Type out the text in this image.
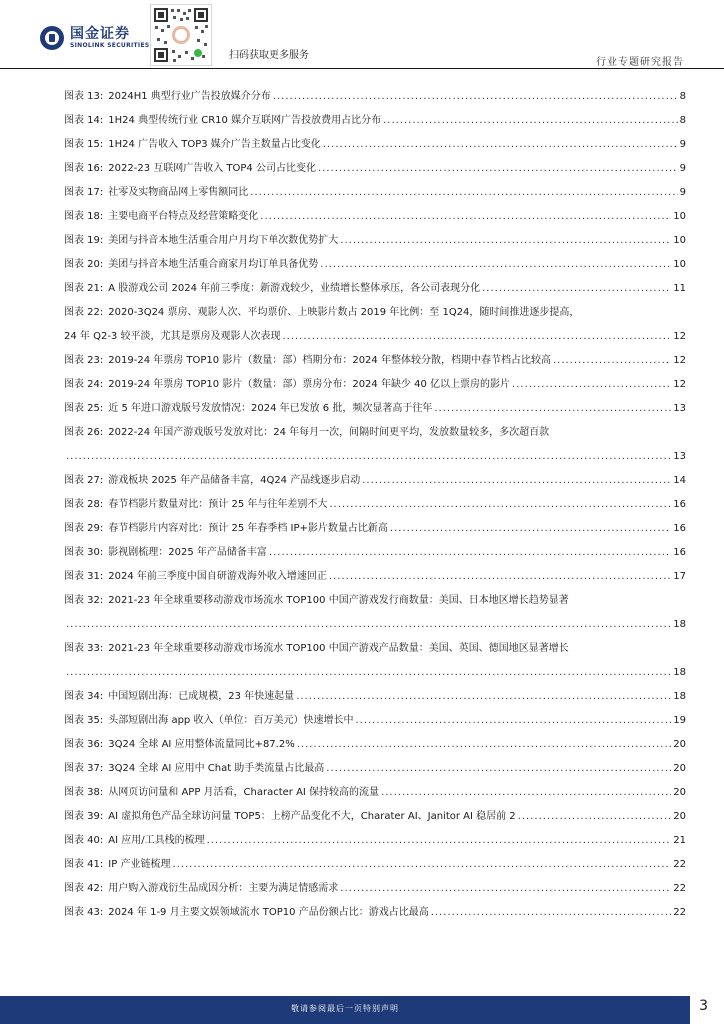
国金证券
SINOLINK SECURITIES
扫码获取更多服务
行业专题研究报告
图表 13:  2024H1 典型行业广告投放媒介分布 .....	8
图表 14:  1H24 典型传统行业 CR10 媒介互联网广告投放费用占比分布 .....	8
图表 15:  1H24 广告收入 TOP3 媒介广告主数量占比变化 .....	9
图表 16:  2022-23 互联网广告收入 TOP4 公司占比变化 .....	9
图表 17:  社零及实物商品网上零售额同比 .....	9
图表 18:  主要电商平台特点及经营策略变化 .....	10
图表 19:  美团与抖音本地生活重合用户月均下单次数优势扩大 .....	10
图表 20:  美团与抖音本地生活重合商家月均订单具备优势 .....	10
图表 21:  A 股游戏公司 2024 年前三季度：新游戏较少，业绩增长整体承压，各公司表现分化 .....	11
图表 22:  2020-3Q24 票房、观影人次、平均票价、上映影片数占 2019 年比例：至 1Q24，随时间推进逐步提高，
24 年 Q2-3 较平淡，尤其是票房及观影人次表现 .....	12
图表 23:  2019-24 年票房 TOP10 影片（数量：部）档期分布：2024 年整体较分散，档期中春节档占比较高 .....	12
图表 24:  2019-24 年票房 TOP10 影片（数量：部）票房分布：2024 年缺少 40 亿以上票房的影片 .....	12
图表 25:  近 5 年进口游戏版号发放情况：2024 年已发放 6 批，频次显著高于往年 .....	13
图表 26:  2022-24 年国产游戏版号发放对比：24 年每月一次，间隔时间更平均，发放数量较多，多次超百款
.....
13
图表 27:  游戏板块 2025 年产品储备丰富，4Q24 产品线逐步启动 .....	14
图表 28:  春节档影片数量对比：预计 25 年与往年差别不大 .....	16
图表 29:  春节档影片内容对比：预计 25 年春季档 IP+影片数量占比新高 .....	16
图表 30:  影视剧梳理：2025 年产品储备丰富 .....	16
图表 31:  2024 年前三季度中国自研游戏海外收入增速回正 .....	17
图表 32:  2021-23 年全球重要移动游戏市场流水 TOP100 中国产游戏发行商数量：美国、日本地区增长趋势显著
.....
18
图表 33:  2021-23 年全球重要移动游戏市场流水 TOP100 中国产游戏产品数量：美国、英国、德国地区显著增长
.....
18
图表 34:  中国短剧出海：已成规模，23 年快速起量 .....	18
图表 35:  头部短剧出海 app 收入（单位：百万美元）快速增长中 .....	19
图表 36:  3Q24 全球 AI 应用整体流量同比+87.2% .....	20
图表 37:  3Q24 全球 AI 应用中 Chat 助手类流量占比最高 .....	20
图表 38:  从网页访问量和 APP 月活看，Character AI 保持较高的流量 .....	20
图表 39:  AI 虚拟角色产品全球访问量 TOP5：上榜产品变化不大，Charater AI、Janitor AI 稳居前 2 .....	20
图表 40:  AI 应用/工具栈的梳理 .....	21
图表 41:  IP 产业链梳理 .....	22
图表 42:  用户购入游戏衍生品成因分析：主要为满足情感需求 .....	22
图表 43:  2024 年 1-9 月主要文娱领域流水 TOP10 产品份额占比：游戏占比最高 .....	22
敬请参阅最后一页特别声明	3
